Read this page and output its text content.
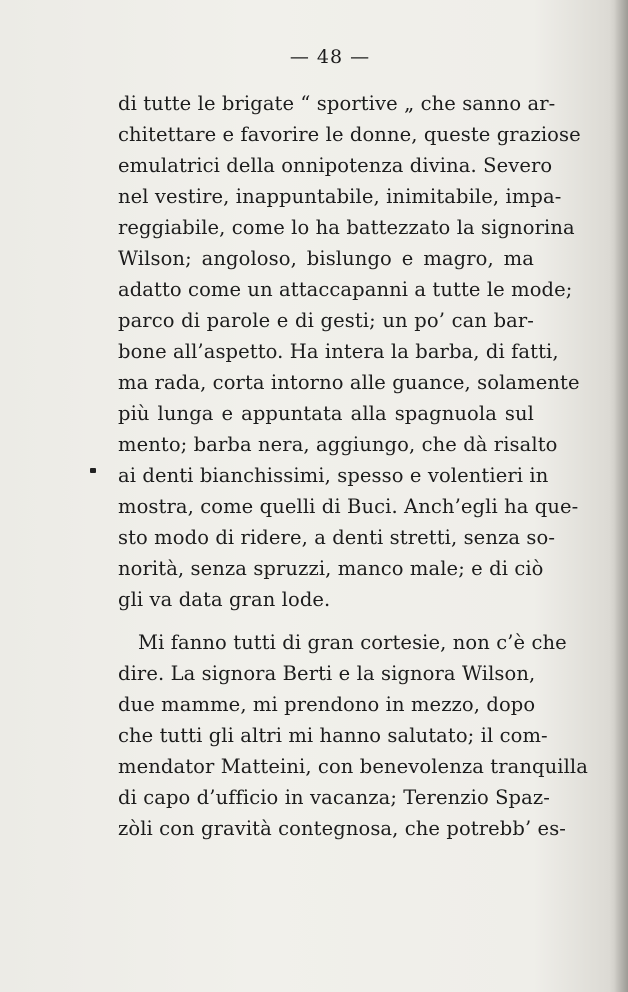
— 48 —
di tutte le brigate “ sportive „ che sanno ar-
chitettare e favorire le donne, queste graziose
emulatrici della onnipotenza divina. Severo
nel vestire, inappuntabile, inimitabile, impa-
reggiabile, come lo ha battezzato la signorina
Wilson; angoloso, bislungo e magro, ma
adatto come un attaccapanni a tutte le mode;
parco di parole e di gesti; un po’ can bar-
bone all’aspetto. Ha intera la barba, di fatti,
ma rada, corta intorno alle guance, solamente
più lunga e appuntata alla spagnuola sul
mento; barba nera, aggiungo, che dà risalto
ai denti bianchissimi, spesso e volentieri in
mostra, come quelli di Buci. Anch’egli ha que-
sto modo di ridere, a denti stretti, senza so-
norità, senza spruzzi, manco male; e di ciò
gli va data gran lode.
Mi fanno tutti di gran cortesie, non c’è che
dire. La signora Berti e la signora Wilson,
due mamme, mi prendono in mezzo, dopo
che tutti gli altri mi hanno salutato; il com-
mendator Matteini, con benevolenza tranquilla
di capo d’ufficio in vacanza; Terenzio Spaz-
zòli con gravità contegnosa, che potrebb’ es-
